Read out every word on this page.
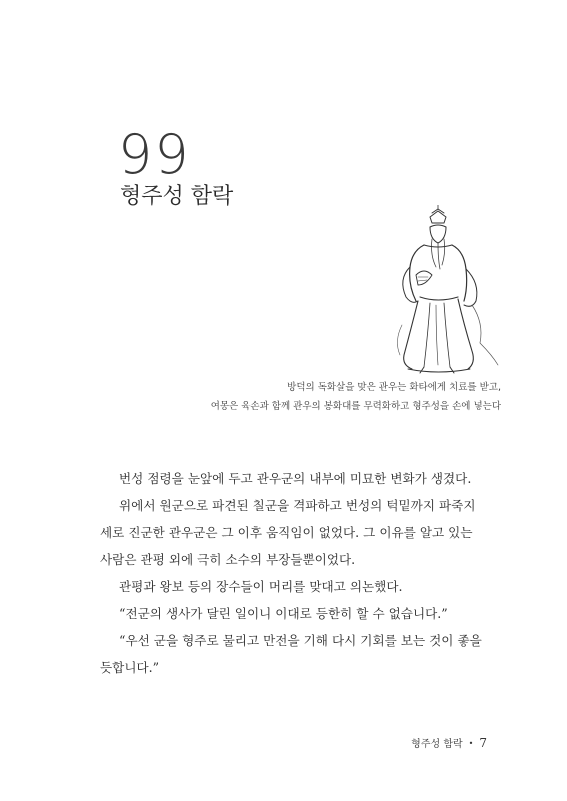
99
형주성 함락
방덕의 독화살을 맞은 관우는 화타에게 치료를 받고,
여몽은 육손과 함께 관우의 봉화대를 무력화하고 형주성을 손에 넣는다
번성 점령을 눈앞에 두고 관우군의 내부에 미묘한 변화가 생겼다.
위에서 원군으로 파견된 칠군을 격파하고 번성의 턱밑까지 파죽지
세로 진군한 관우군은 그 이후 움직임이 없었다. 그 이유를 알고 있는
사람은 관평 외에 극히 소수의 부장들뿐이었다.
관평과 왕보 등의 장수들이 머리를 맞대고 의논했다.
“전군의 생사가 달린 일이니 이대로 등한히 할 수 없습니다.”
“우선 군을 형주로 물리고 만전을 기해 다시 기회를 보는 것이 좋을
듯합니다.”
형주성 함락 • 7
